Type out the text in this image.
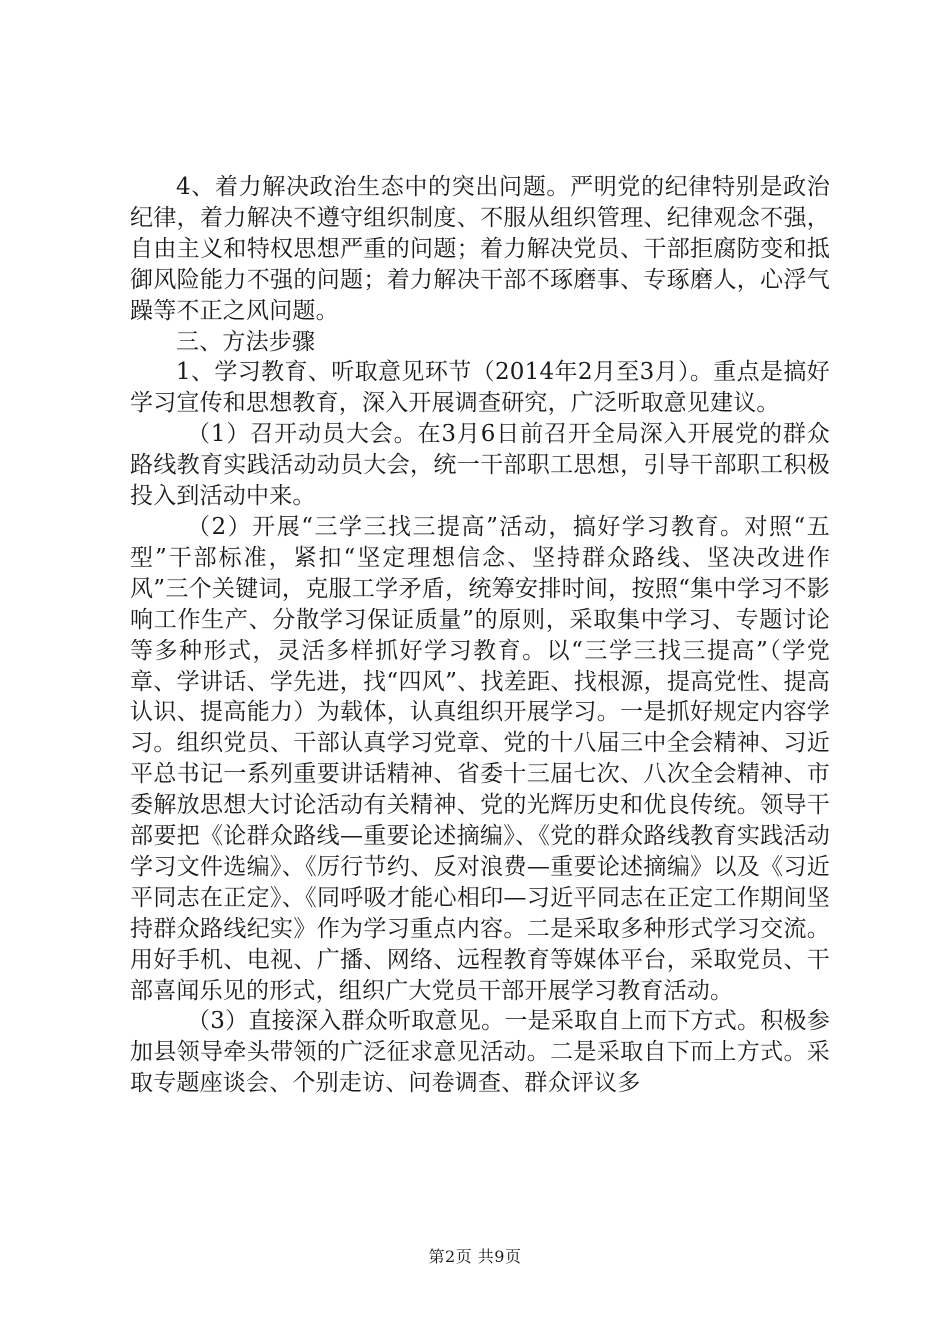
4、着力解决政治生态中的突出问题。严明党的纪律特别是政治纪律，着力解决不遵守组织制度、不服从组织管理、纪律观念不强，自由主义和特权思想严重的问题；着力解决党员、干部拒腐防变和抵御风险能力不强的问题；着力解决干部不琢磨事、专琢磨人，心浮气躁等不正之风问题。

三、方法步骤

1、学习教育、听取意见环节（2014年2月至3月）。重点是搞好学习宣传和思想教育，深入开展调查研究，广泛听取意见建议。

（1）召开动员大会。在3月6日前召开全局深入开展党的群众路线教育实践活动动员大会，统一干部职工思想，引导干部职工积极投入到活动中来。

（2）开展“三学三找三提高”活动，搞好学习教育。对照“五型”干部标准，紧扣“坚定理想信念、坚持群众路线、坚决改进作风”三个关键词，克服工学矛盾，统筹安排时间，按照“集中学习不影响工作生产、分散学习保证质量”的原则，采取集中学习、专题讨论等多种形式，灵活多样抓好学习教育。以“三学三找三提高”（学党章、学讲话、学先进，找“四风”、找差距、找根源，提高党性、提高认识、提高能力）为载体，认真组织开展学习。一是抓好规定内容学习。组织党员、干部认真学习党章、党的十八届三中全会精神、习近平总书记一系列重要讲话精神、省委十三届七次、八次全会精神、市委解放思想大讨论活动有关精神、党的光辉历史和优良传统。领导干部要把《论群众路线—重要论述摘编》、《党的群众路线教育实践活动学习文件选编》、《厉行节约、反对浪费—重要论述摘编》以及《习近平同志在正定》、《同呼吸才能心相印—习近平同志在正定工作期间坚持群众路线纪实》作为学习重点内容。二是采取多种形式学习交流。用好手机、电视、广播、网络、远程教育等媒体平台，采取党员、干部喜闻乐见的形式，组织广大党员干部开展学习教育活动。

（3）直接深入群众听取意见。一是采取自上而下方式。积极参加县领导牵头带领的广泛征求意见活动。二是采取自下而上方式。采取专题座谈会、个别走访、问卷调查、群众评议多

第2页 共9页
